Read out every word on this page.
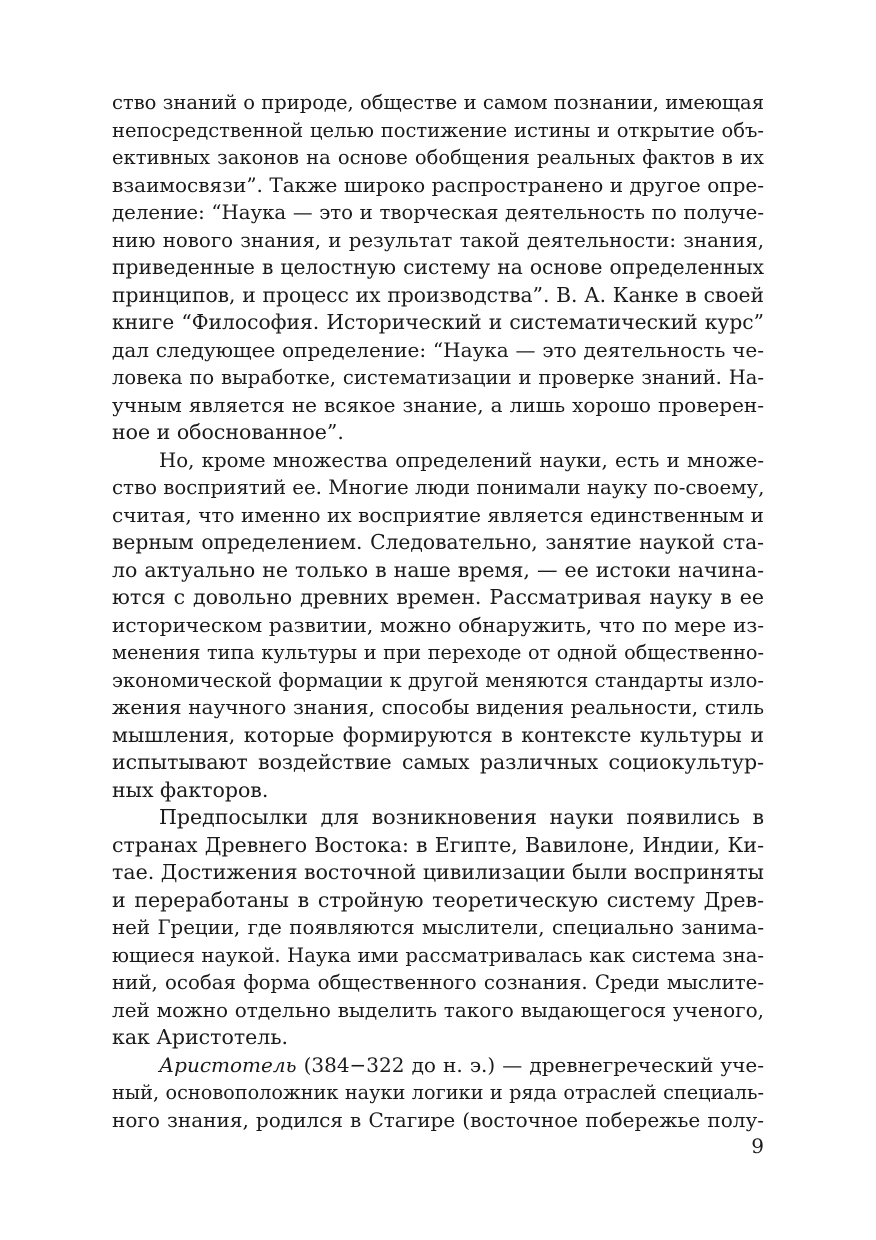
ство знаний о природе, обществе и самом познании, имеющая
непосредственной целью постижение истины и открытие объ-
ективных законов на основе обобщения реальных фактов в их
взаимосвязи”. Также широко распространено и другое опре-
деление: “Наука — это и творческая деятельность по получе-
нию нового знания, и результат такой деятельности: знания,
приведенные в целостную систему на основе определенных
принципов, и процесс их производства”. В. А. Канке в своей
книге “Философия. Исторический и систематический курс”
дал следующее определение: “Наука — это деятельность че-
ловека по выработке, систематизации и проверке знаний. На-
учным является не всякое знание, а лишь хорошо проверен-
ное и обоснованное”.
Но, кроме множества определений науки, есть и множе-
ство восприятий ее. Многие люди понимали науку по-своему,
считая, что именно их восприятие является единственным и
верным определением. Следовательно, занятие наукой ста-
ло актуально не только в наше время, — ее истоки начина-
ются с довольно древних времен. Рассматривая науку в ее
историческом развитии, можно обнаружить, что по мере из-
менения типа культуры и при переходе от одной общественно-
экономической формации к другой меняются стандарты изло-
жения научного знания, способы видения реальности, стиль
мышления, которые формируются в контексте культуры и
испытывают воздействие самых различных социокультур-
ных факторов.
Предпосылки для возникновения науки появились в
странах Древнего Востока: в Египте, Вавилоне, Индии, Ки-
тае. Достижения восточной цивилизации были восприняты
и переработаны в стройную теоретическую систему Древ-
ней Греции, где появляются мыслители, специально занима-
ющиеся наукой. Наука ими рассматривалась как система зна-
ний, особая форма общественного сознания. Среди мыслите-
лей можно отдельно выделить такого выдающегося ученого,
как Аристотель.
Аристотель (384−322 до н. э.) — древнегреческий уче-
ный, основоположник науки логики и ряда отраслей специаль-
ного знания, родился в Стагире (восточное побережье полу-
9
